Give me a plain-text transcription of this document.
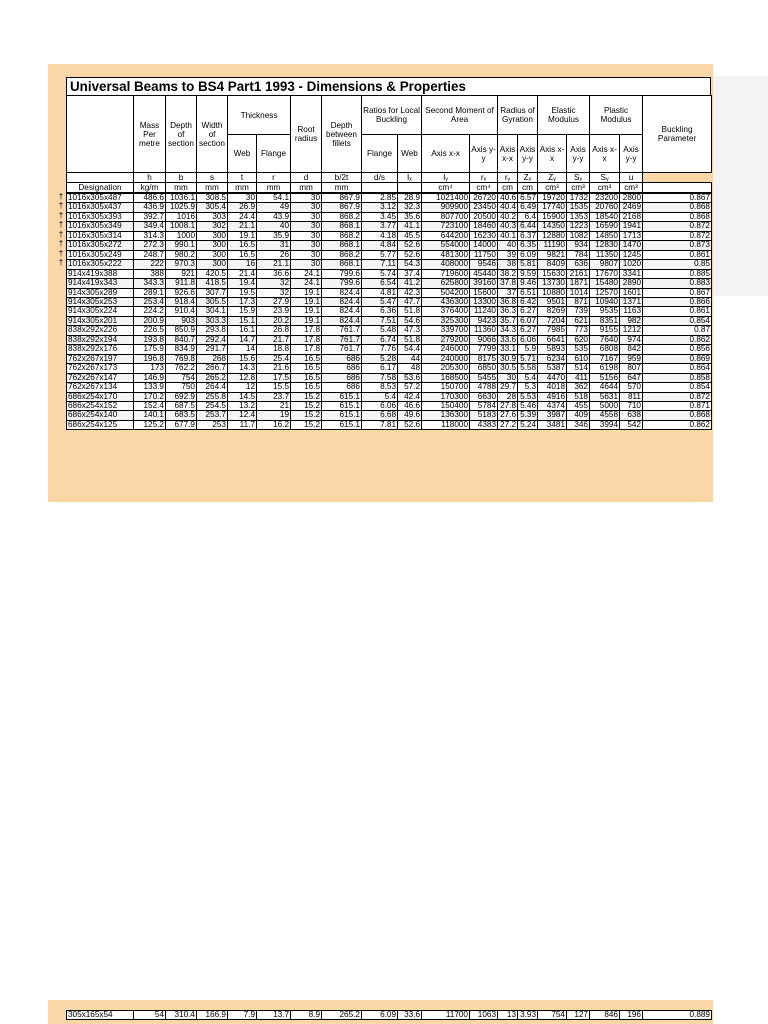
†
†
†
†
†
†
†
†
Universal Beams to BS4 Part1 1993 - Dimensions & Properties
	Mass Per metre	Depth of section	Width of section	Thickness		Root radius	Depth between fillets	Ratios for Local Buckling		Second Moment of Area		Radius of Gyration		Elastic Modulus		Plastic Modulus		Buckling Parameter
				Web	Flange			Flange	Web	Axis x-x	Axis y-y	Axis x-x	Axis y-y	Axis x-x	Axis y-y	Axis x-x	Axis y-y	
	h	b	s	t	r	d	b/2t	d/s	Iₓ	Iᵧ	rₓ	rᵧ	Zₓ	Zᵧ	Sₓ	Sᵧ	u	
Designation	kg/m	mm	mm	mm	mm	mm	mm			cm⁴	cm⁴	cm	cm	cm³	cm³	cm³	cm³	
1016x305x487	486.6	1036.1	308.5	30	54.1	30	867.9	2.85	28.9	1021400	26720	40.6	6.57	19720	1732	23200	2800	0.867
1016x305x437	436.9	1025.9	305.4	26.9	49	30	867.9	3.12	32.3	909900	23450	40.4	6.49	17740	1535	20760	2469	0.868
1016x305x393	392.7	1016	303	24.4	43.9	30	868.2	3.45	35.6	807700	20500	40.2	6.4	15900	1353	18540	2168	0.868
1016x305x349	349.4	1008.1	302	21.1	40	30	868.1	3.77	41.1	723100	18460	40.3	6.44	14350	1223	16590	1941	0.872
1016x305x314	314.3	1000	300	19.1	35.9	30	868.2	4.18	45.5	644200	16230	40.1	6.37	12880	1082	14850	1713	0.872
1016x305x272	272.3	990.1	300	16.5	31	30	868.1	4.84	52.6	554000	14000	40	6.35	11190	934	12830	1470	0.873
1016x305x249	248.7	980.2	300	16.5	26	30	868.2	5.77	52.6	481300	11750	39	6.09	9821	784	11350	1245	0.861
1016x305x222	222	970.3	300	16	21.1	30	868.1	7.11	54.3	408000	9546	38	5.81	8409	636	9807	1020	0.85
914x419x388	388	921	420.5	21.4	36.6	24.1	799.6	5.74	37.4	719600	45440	38.2	9.59	15630	2161	17670	3341	0.885
914x419x343	343.3	911.8	418.5	19.4	32	24.1	799.6	6.54	41.2	625800	39160	37.8	9.46	13730	1871	15480	2890	0.883
914x305x289	289.1	926.6	307.7	19.5	32	19.1	824.4	4.81	42.3	504200	15600	37	6.51	10880	1014	12570	1601	0.867
914x305x253	253.4	918.4	305.5	17.3	27.9	19.1	824.4	5.47	47.7	436300	13300	36.8	6.42	9501	871	10940	1371	0.866
914x305x224	224.2	910.4	304.1	15.9	23.9	19.1	824.4	6.36	51.8	376400	11240	36.3	6.27	8269	739	9535	1163	0.861
914x305x201	200.9	903	303.3	15.1	20.2	19.1	824.4	7.51	54.6	325300	9423	35.7	6.07	7204	621	8351	982	0.854
838x292x226	226.5	850.9	293.8	16.1	26.8	17.8	761.7	5.48	47.3	339700	11360	34.3	6.27	7985	773	9155	1212	0.87
838x292x194	193.8	840.7	292.4	14.7	21.7	17.8	761.7	6.74	51.8	279200	9066	33.6	6.06	6641	620	7640	974	0.862
838x292x176	175.9	834.9	291.7	14	18.8	17.8	761.7	7.76	54.4	246000	7799	33.1	5.9	5893	535	6808	842	0.856
762x267x197	196.8	769.8	268	15.6	25.4	16.5	686	5.28	44	240000	8175	30.9	5.71	6234	610	7167	959	0.869
762x267x173	173	762.2	266.7	14.3	21.6	16.5	686	6.17	48	205300	6850	30.5	5.58	5387	514	6198	807	0.864
762x267x147	146.9	754	265.2	12.8	17.5	16.5	686	7.58	53.6	168500	5455	30	5.4	4470	411	5156	647	0.858
762x267x134	133.9	750	264.4	12	15.5	16.5	686	8.53	57.2	150700	4788	29.7	5.3	4018	362	4644	570	0.854
686x254x170	170.2	692.9	255.8	14.5	23.7	15.2	615.1	5.4	42.4	170300	6630	28	5.53	4916	518	5631	811	0.872
686x254x152	152.4	687.5	254.5	13.2	21	15.2	615.1	6.06	46.6	150400	5784	27.8	5.46	4374	455	5000	710	0.871
686x254x140	140.1	683.5	253.7	12.4	19	15.2	615.1	6.68	49.6	136300	5183	27.6	5.39	3987	409	4558	638	0.868
686x254x125	125.2	677.9	253	11.7	16.2	15.2	615.1	7.81	52.6	118000	4383	27.2	5.24	3481	346	3994	542	0.862
305x165x54	54	310.4	166.9	7.9	13.7	8.9	265.2	6.09	33.6	11700	1063	13	3.93	754	127	846	196	0.889
